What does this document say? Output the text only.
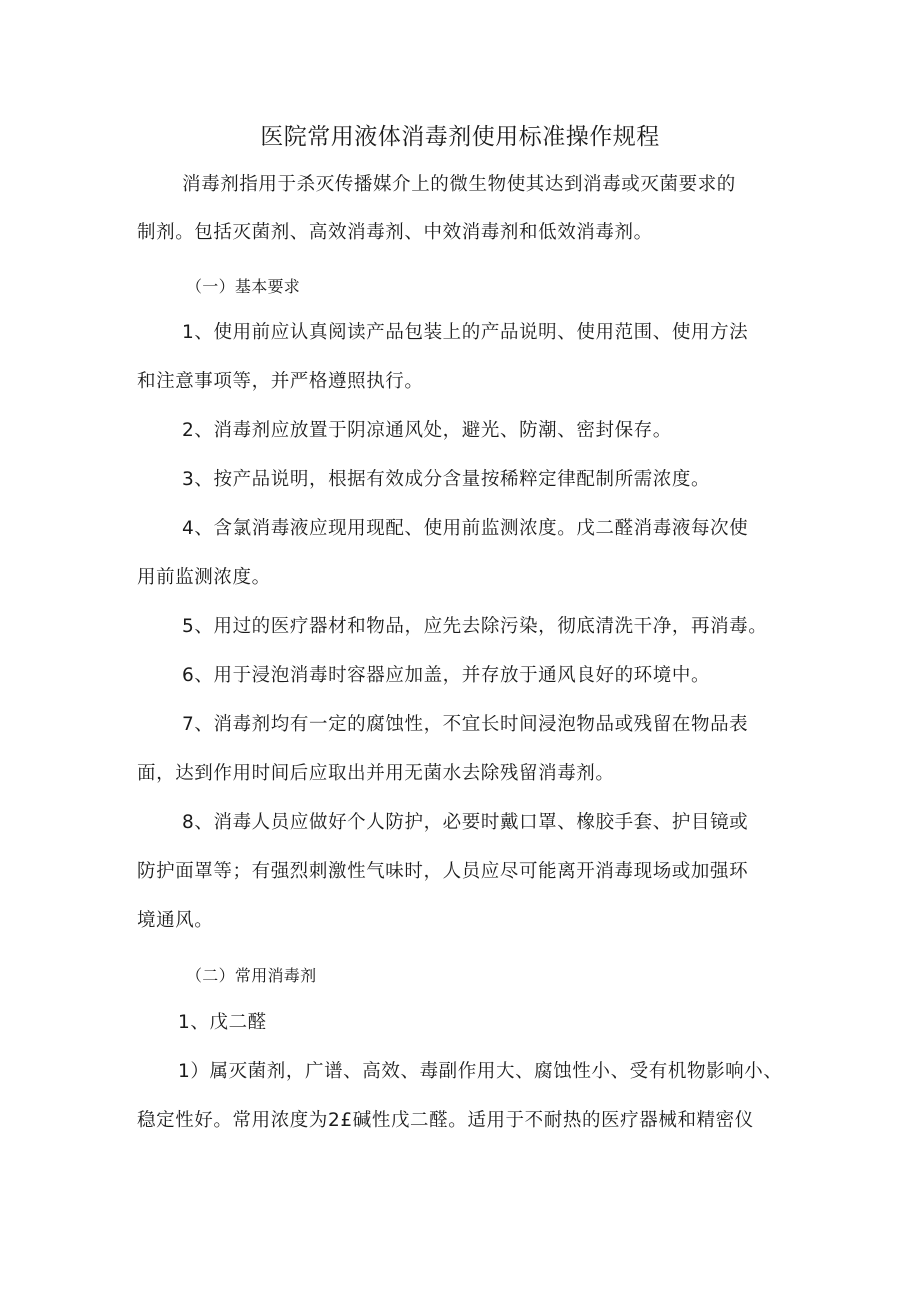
医院常用液体消毒剂使用标准操作规程
消毒剂指用于杀灭传播媒介上的微生物使其达到消毒或灭菌要求的
制剂。包括灭菌剂、高效消毒剂、中效消毒剂和低效消毒剂。
（一）基本要求
1、使用前应认真阅读产品包装上的产品说明、使用范围、使用方法
和注意事项等，并严格遵照执行。
2、消毒剂应放置于阴凉通风处，避光、防潮、密封保存。
3、按产品说明，根据有效成分含量按稀粹定律配制所需浓度。
4、含氯消毒液应现用现配、使用前监测浓度。戊二醛消毒液每次使
用前监测浓度。
5、用过的医疗器材和物品，应先去除污染，彻底清洗干净，再消毒。
6、用于浸泡消毒时容器应加盖，并存放于通风良好的环境中。
7、消毒剂均有一定的腐蚀性，不宜长时间浸泡物品或残留在物品表
面，达到作用时间后应取出并用无菌水去除残留消毒剂。
8、消毒人员应做好个人防护，必要时戴口罩、橡胶手套、护目镜或
防护面罩等；有强烈刺激性气味时，人员应尽可能离开消毒现场或加强环
境通风。
（二）常用消毒剂
1、戊二醛
1）属灭菌剂，广谱、高效、毒副作用大、腐蚀性小、受有机物影响小、
稳定性好。常用浓度为2£碱性戊二醛。适用于不耐热的医疗器械和精密仪
